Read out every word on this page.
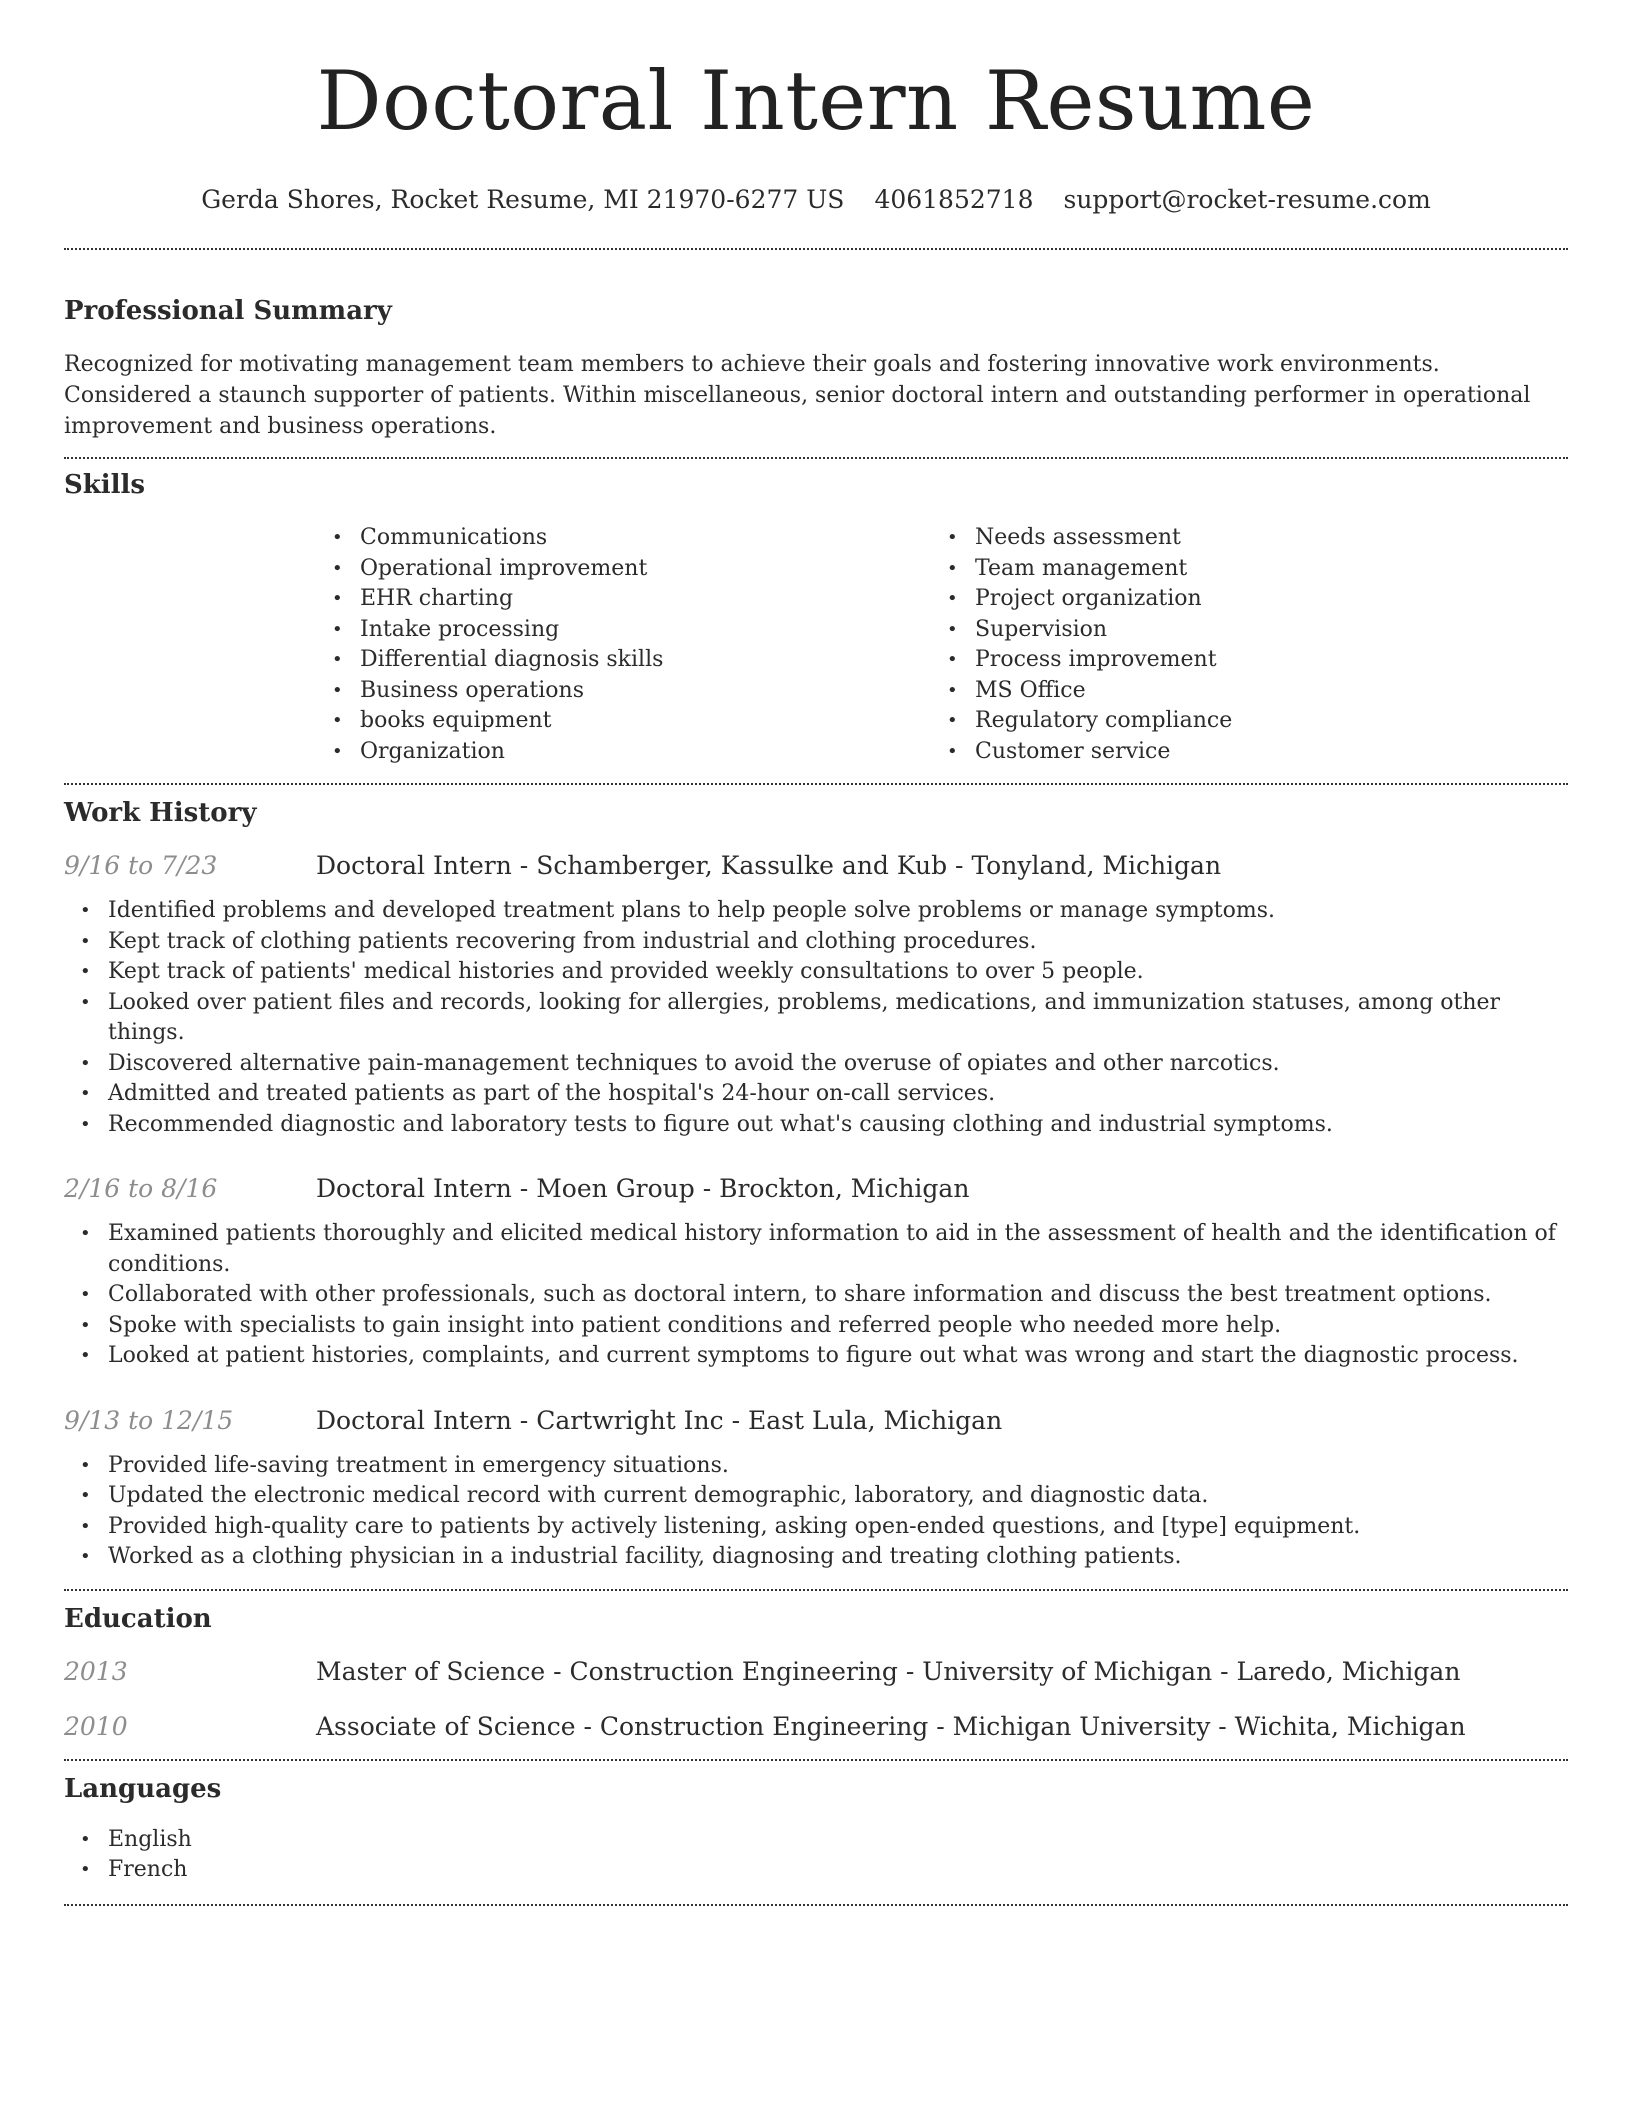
Doctoral Intern Resume
Gerda Shores, Rocket Resume, MI 21970-6277 US 4061852718 support@rocket-resume.com
Professional Summary

Recognized for motivating management team members to achieve their goals and fostering innovative work environments. Considered a staunch supporter of patients. Within miscellaneous, senior doctoral intern and outstanding performer in operational improvement and business operations.

Skills
• Communications
• Operational improvement
• EHR charting
• Intake processing
• Differential diagnosis skills
• Business operations
• books equipment
• Organization
• Needs assessment
• Team management
• Project organization
• Supervision
• Process improvement
• MS Office
• Regulatory compliance
• Customer service
Work History
9/16 to 7/23	Doctoral Intern - Schamberger, Kassulke and Kub - Tonyland, Michigan
• Identified problems and developed treatment plans to help people solve problems or manage symptoms.
• Kept track of clothing patients recovering from industrial and clothing procedures.
• Kept track of patients' medical histories and provided weekly consultations to over 5 people.
• Looked over patient files and records, looking for allergies, problems, medications, and immunization statuses, among other things.
• Discovered alternative pain-management techniques to avoid the overuse of opiates and other narcotics.
• Admitted and treated patients as part of the hospital's 24-hour on-call services.
• Recommended diagnostic and laboratory tests to figure out what's causing clothing and industrial symptoms.
2/16 to 8/16	Doctoral Intern - Moen Group - Brockton, Michigan
• Examined patients thoroughly and elicited medical history information to aid in the assessment of health and the identification of conditions.
• Collaborated with other professionals, such as doctoral intern, to share information and discuss the best treatment options.
• Spoke with specialists to gain insight into patient conditions and referred people who needed more help.
• Looked at patient histories, complaints, and current symptoms to figure out what was wrong and start the diagnostic process.
9/13 to 12/15	Doctoral Intern - Cartwright Inc - East Lula, Michigan
• Provided life-saving treatment in emergency situations.
• Updated the electronic medical record with current demographic, laboratory, and diagnostic data.
• Provided high-quality care to patients by actively listening, asking open-ended questions, and [type] equipment.
• Worked as a clothing physician in a industrial facility, diagnosing and treating clothing patients.
Education
2013	Master of Science - Construction Engineering - University of Michigan - Laredo, Michigan
2010	Associate of Science - Construction Engineering - Michigan University - Wichita, Michigan
Languages
• English
• French
